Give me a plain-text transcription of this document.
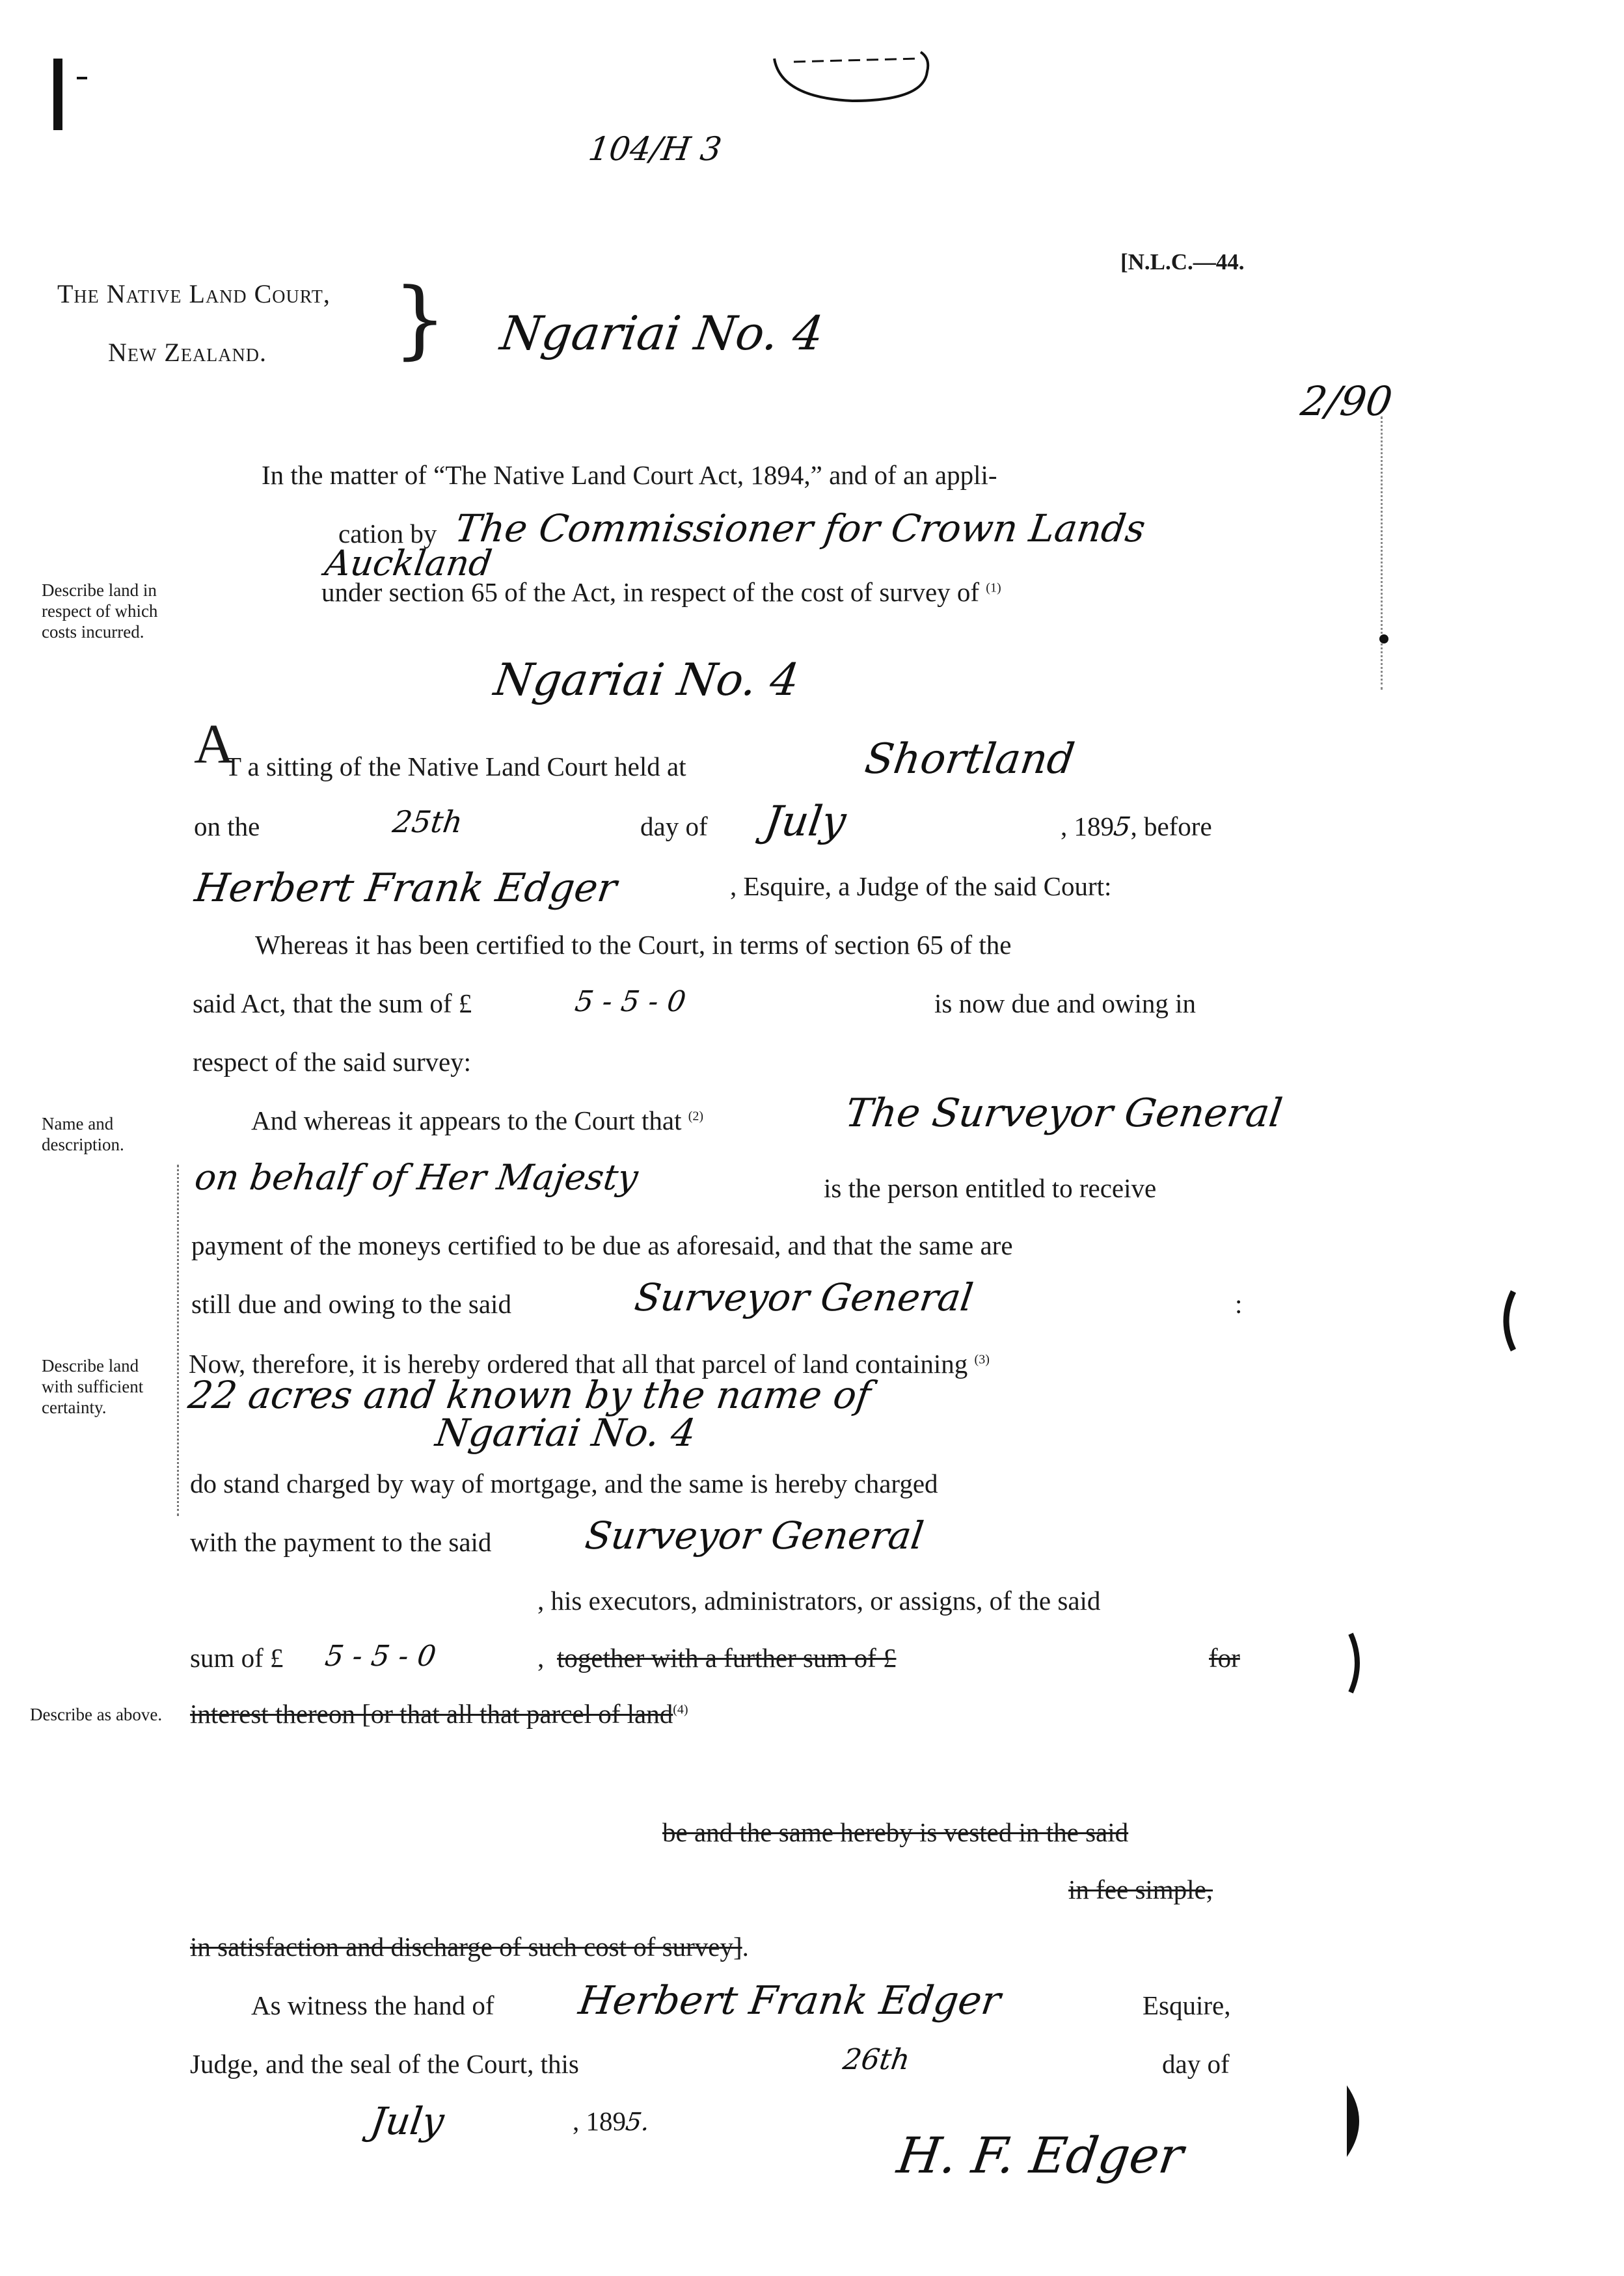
104/H 3
[N.L.C.—44.
The Native Land Court,
New Zealand. } Ngariai No. 4
2/90
Describe land in
respect of which
costs incurred.
Name and
description.
Describe land
with sufficient
certainty.
Describe as above.
In the matter of “The Native Land Court Act, 1894,” and of an appli-
cation by The Commissioner for Crown Lands
Auckland
under section 65 of the Act, in respect of the cost of survey of $^{(1)}$
Ngariai No. 4
A
T a sitting of the Native Land Court held at	Shortland
on the	25th	day of July	, 1895, before
Herbert Frank Edger	, Esquire, a Judge of the said Court:
Whereas it has been certified to the Court, in terms of section 65 of the
said Act, that the sum of £	5 - 5 - 0	is now due and owing in
respect of the said survey:
And whereas it appears to the Court that $^{(2)}$	The Surveyor General
on behalf of Her Majesty	is the person entitled to receive
payment of the moneys certified to be due as aforesaid, and that the same are
still due and owing to the said	Surveyor General	:
Now, therefore, it is hereby ordered that all that parcel of land containing $^{(3)}$
22 acres and known by the name of
Ngariai No. 4
do stand charged by way of mortgage, and the same is hereby charged
with the payment to the said Surveyor General
, his executors, administrators, or assigns, of the said
sum of £ 5 - 5 - 0	, together with a further sum of £	for
interest thereon [or that all that parcel of land$^{(4)}$
be and the same hereby is vested in the said
in fee simple,
in satisfaction and discharge of such cost of survey].
As witness the hand of Herbert Frank Edger	Esquire,
Judge, and the seal of the Court, this	26th	day of
July	, 1895.
H. F. Edger
